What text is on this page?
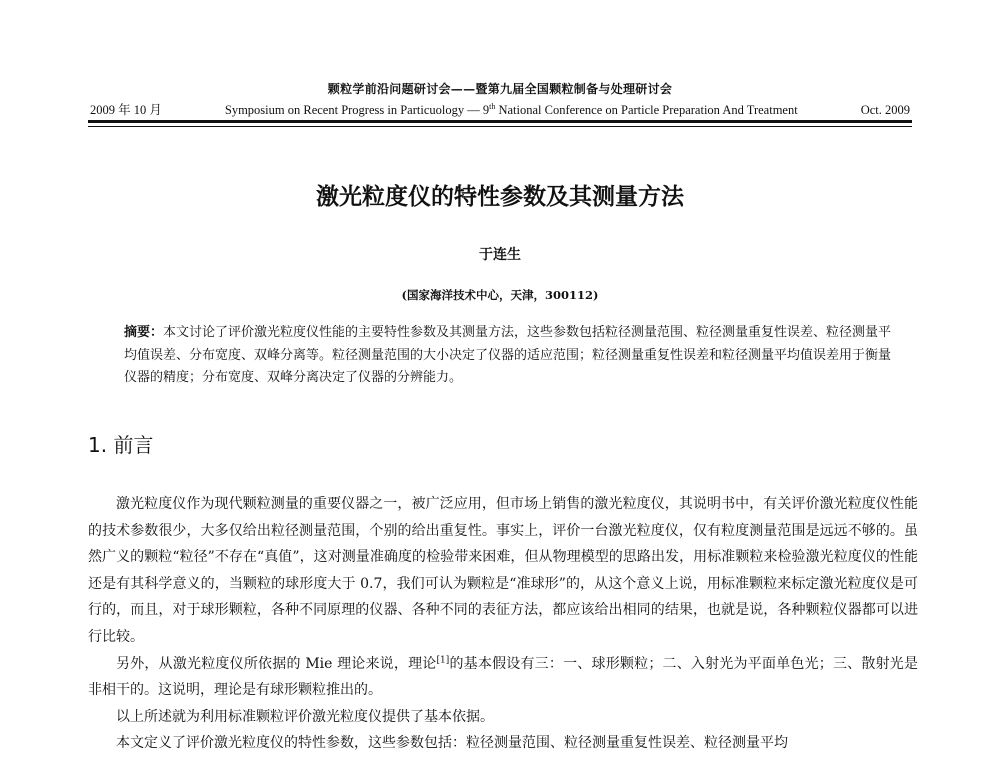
颗粒学前沿问题研讨会——暨第九届全国颗粒制备与处理研讨会
2009 年 10 月	Symposium on Recent Progress in Particuology — 9th National Conference on Particle Preparation And Treatment	Oct. 2009
激光粒度仪的特性参数及其测量方法
于连生
(国家海洋技术中心，天津，300112)
摘要：本文讨论了评价激光粒度仪性能的主要特性参数及其测量方法，这些参数包括粒径测量范围、粒径测量重复性误差、粒径测量平均值误差、分布宽度、双峰分离等。粒径测量范围的大小决定了仪器的适应范围；粒径测量重复性误差和粒径测量平均值误差用于衡量仪器的精度；分布宽度、双峰分离决定了仪器的分辨能力。
1. 前言

激光粒度仪作为现代颗粒测量的重要仪器之一，被广泛应用，但市场上销售的激光粒度仪，其说明书中，有关评价激光粒度仪性能的技术参数很少，大多仅给出粒径测量范围，个别的给出重复性。事实上，评价一台激光粒度仪，仅有粒度测量范围是远远不够的。虽然广义的颗粒“粒径”不存在“真值”，这对测量准确度的检验带来困难，但从物理模型的思路出发，用标准颗粒来检验激光粒度仪的性能还是有其科学意义的，当颗粒的球形度大于 0.7，我们可认为颗粒是“准球形”的，从这个意义上说，用标准颗粒来标定激光粒度仪是可行的，而且，对于球形颗粒，各种不同原理的仪器、各种不同的表征方法，都应该给出相同的结果，也就是说，各种颗粒仪器都可以进行比较。

另外，从激光粒度仪所依据的 Mie 理论来说，理论[1]的基本假设有三：一、球形颗粒；二、入射光为平面单色光；三、散射光是非相干的。这说明，理论是有球形颗粒推出的。

以上所述就为利用标准颗粒评价激光粒度仪提供了基本依据。

本文定义了评价激光粒度仪的特性参数，这些参数包括：粒径测量范围、粒径测量重复性误差、粒径测量平均
